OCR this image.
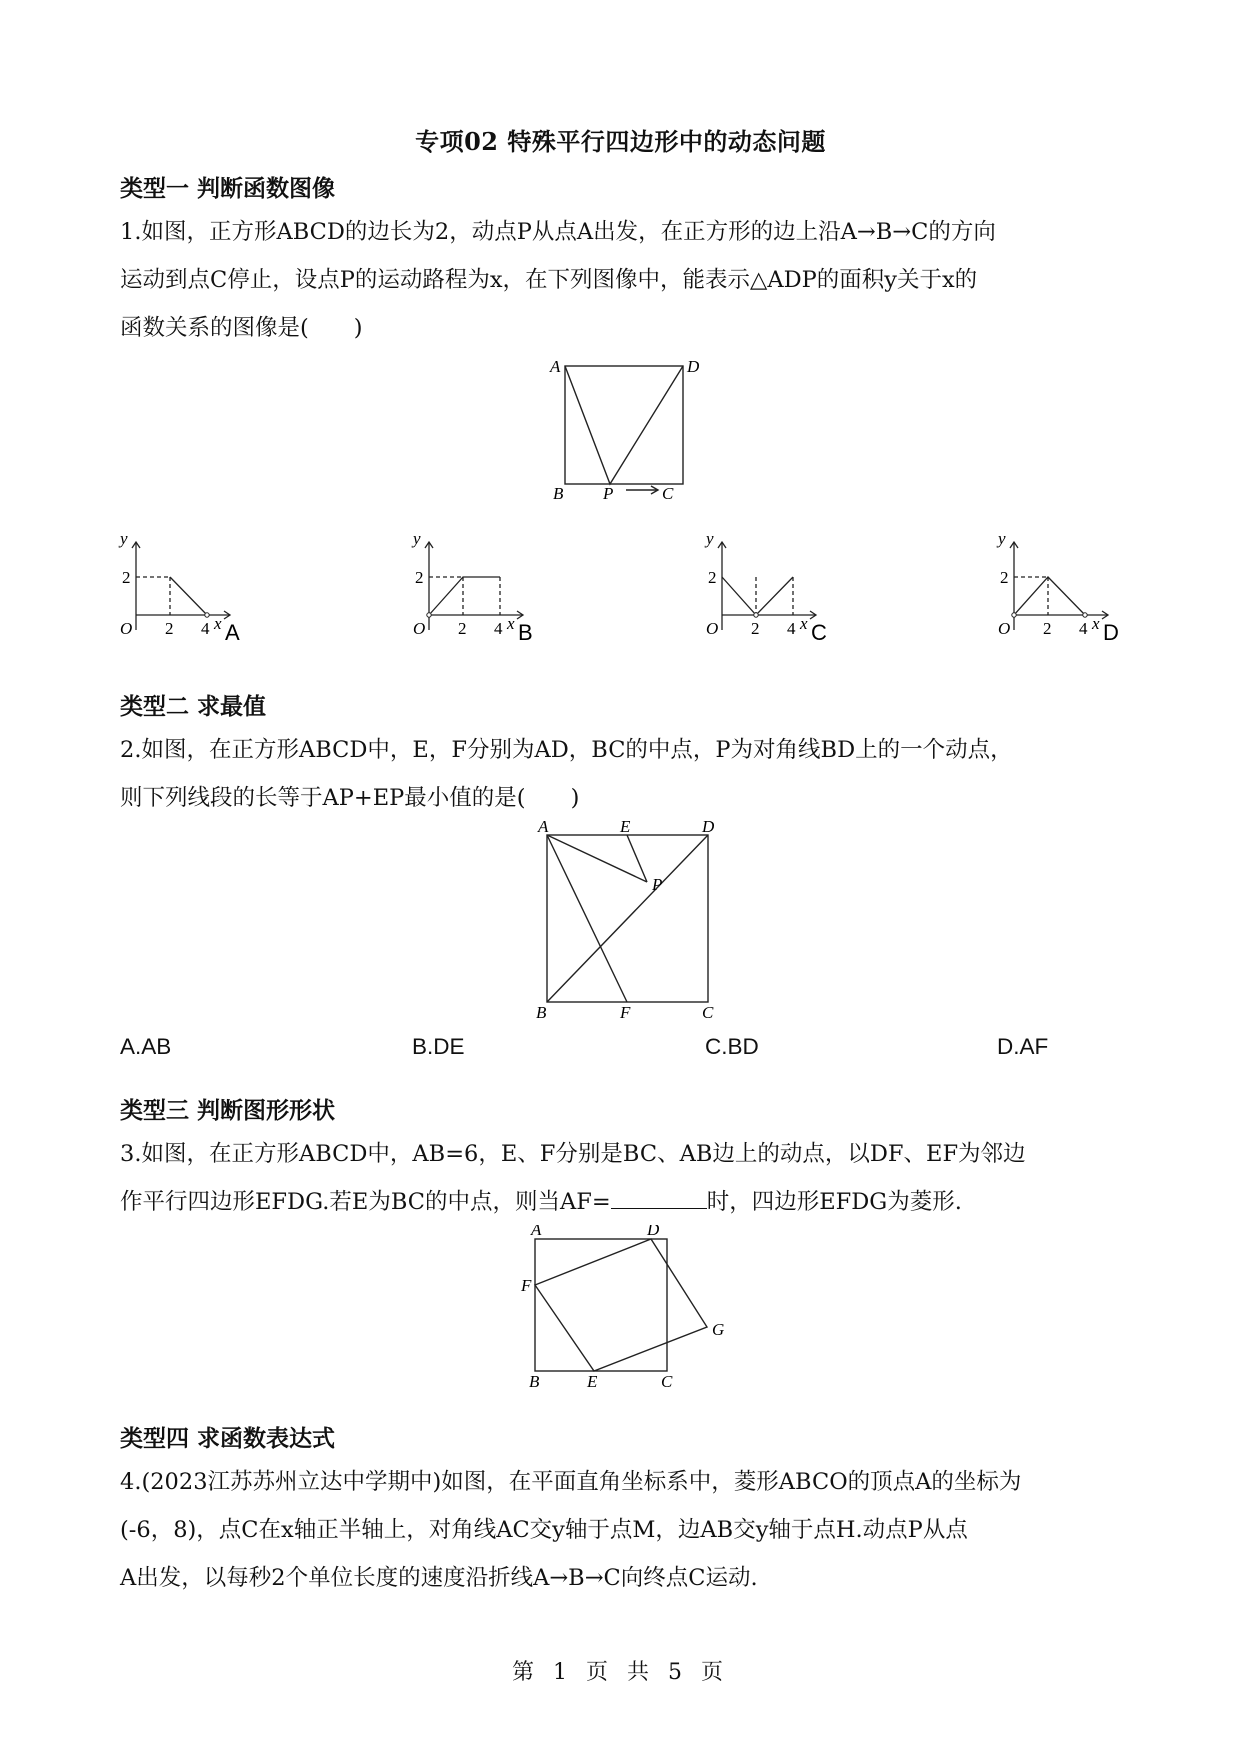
专项02 特殊平行四边形中的动态问题
类型一 判断函数图像
1.如图，正方形ABCD的边长为2，动点P从点A出发，在正方形的边上沿A→B→C的方向
运动到点C停止，设点P的运动路程为x，在下列图像中，能表示△ADP的面积y关于x的
函数关系的图像是(　　)
A	D
B P	C
y
2
O 2 4 x A
y
2
O 2 4 x B
y
2
O 2 4 x C
y
2
O 2 4 x D
类型二 求最值
2.如图，在正方形ABCD中，E，F分别为AD，BC的中点，P为对角线BD上的一个动点，
则下列线段的长等于AP+EP最小值的是(　　)
A	E	D
P
B	F	C
A.AB	B.DE	C.BD	D.AF
类型三 判断图形形状
3.如图，在正方形ABCD中，AB=6，E、F分别是BC、AB边上的动点，以DF、EF为邻边
作平行四边形EFDG.若E为BC的中点，则当AF=	时，四边形EFDG为菱形.
A	D
F
G
B	E	C
类型四 求函数表达式
4.(2023江苏苏州立达中学期中)如图，在平面直角坐标系中，菱形ABCO的顶点A的坐标为
(-6，8)，点C在x轴正半轴上，对角线AC交y轴于点M，边AB交y轴于点H.动点P从点
A出发，以每秒2个单位长度的速度沿折线A→B→C向终点C运动.
第 1 页 共 5 页
